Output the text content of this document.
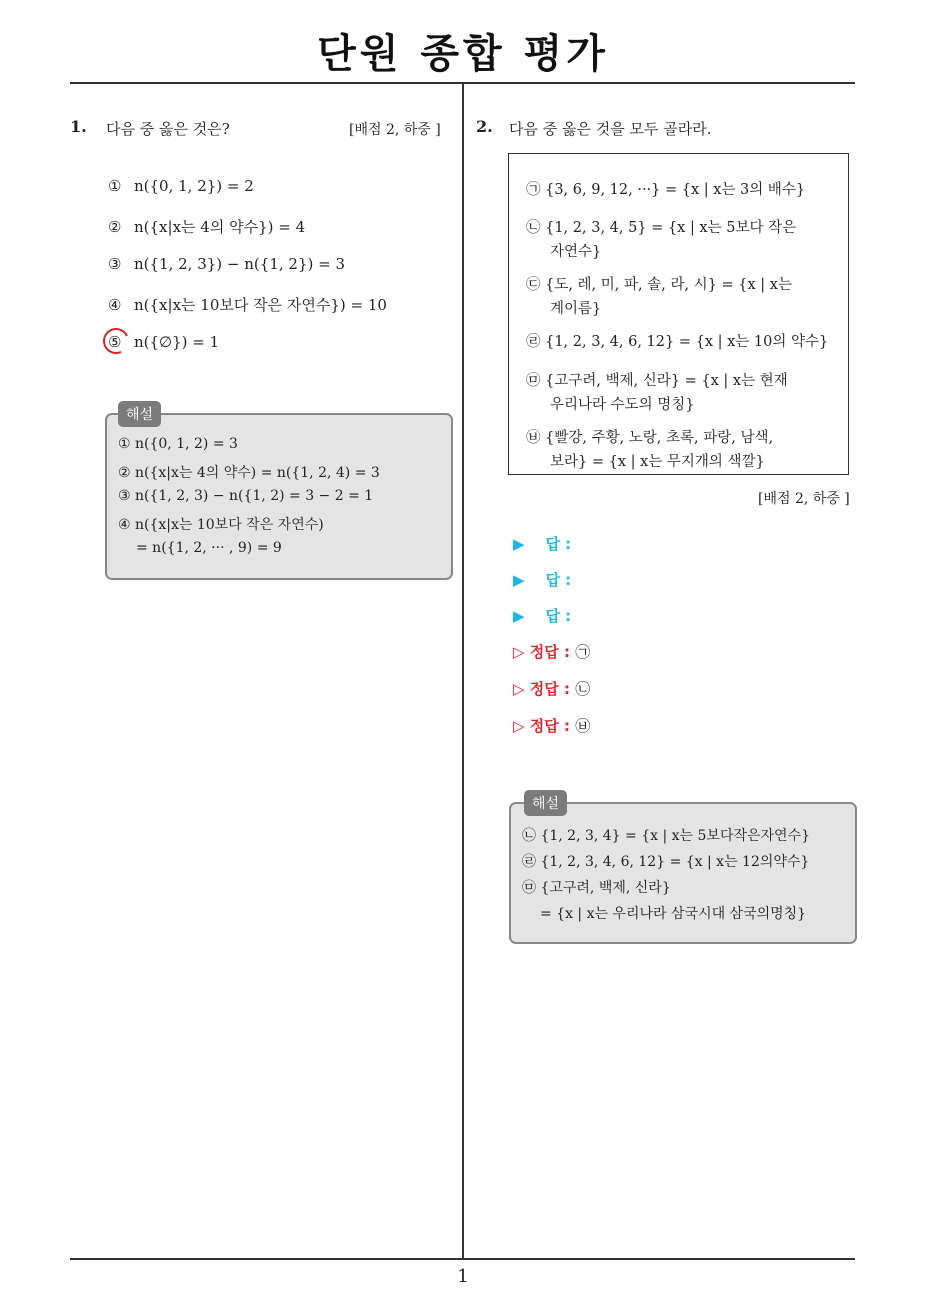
단원 종합 평가
1. 다음 중 옳은 것은?	[배점 2, 하중 ]
① n({0, 1, 2}) = 2
② n({x|x는 4의 약수}) = 4
③ n({1, 2, 3}) − n({1, 2}) = 3
④ n({x|x는 10보다 작은 자연수}) = 10
⑤ n({∅}) = 1
해설
① n({0, 1, 2) = 3
② n({x|x는 4의 약수) = n({1, 2, 4) = 3
③ n({1, 2, 3) − n({1, 2) = 3 − 2 = 1
④ n({x|x는 10보다 작은 자연수)
= n({1, 2, ··· , 9) = 9
2. 다음 중 옳은 것을 모두 골라라.
㉠ {3, 6, 9, 12, ···} = {x | x는 3의 배수}
㉡ {1, 2, 3, 4, 5} = {x | x는 5보다 작은
자연수}
㉢ {도, 레, 미, 파, 솔, 라, 시} = {x | x는
계이름}
㉣ {1, 2, 3, 4, 6, 12} = {x | x는 10의 약수}
㉤ {고구려, 백제, 신라} = {x | x는 현재
우리나라 수도의 명칭}
㉥ {빨강, 주황, 노랑, 초록, 파랑, 남색,
보라} = {x | x는 무지개의 색깔}
[배점 2, 하중 ]
▶ 답 :
▶ 답 :
▶ 답 :
▷ 정답 : ㉠
▷ 정답 : ㉡
▷ 정답 : ㉥
해설
㉡ {1, 2, 3, 4} = {x | x는 5보다작은자연수}
㉣ {1, 2, 3, 4, 6, 12} = {x | x는 12의약수}
㉤ {고구려, 백제, 신라}
= {x | x는 우리나라 삼국시대 삼국의명칭}
1
